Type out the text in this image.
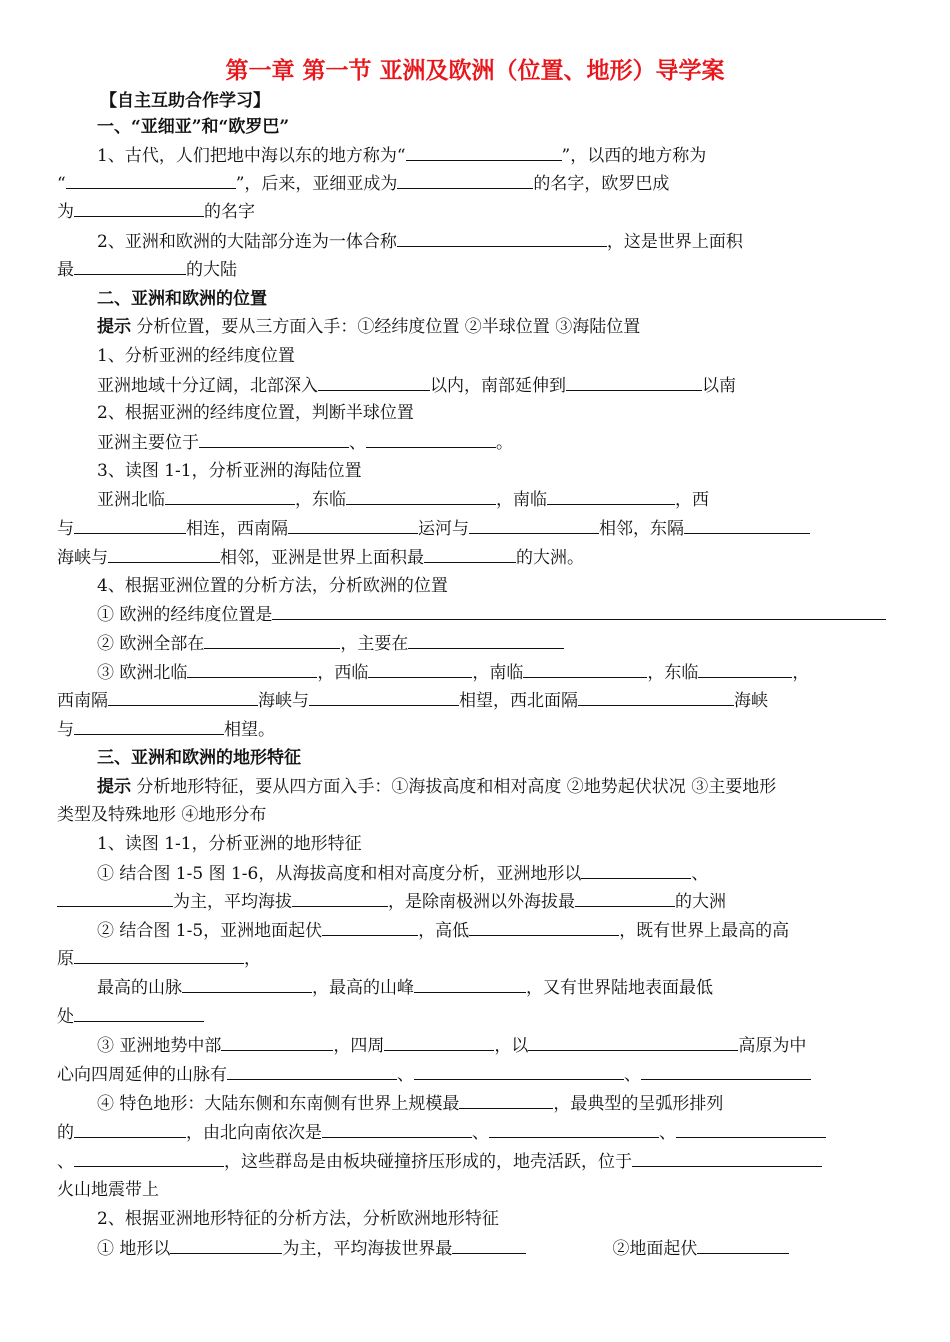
第一章 第一节 亚洲及欧洲（位置、地形）导学案
【自主互助合作学习】
一、“亚细亚”和“欧罗巴”
1、古代，人们把地中海以东的地方称为“	”，以西的地方称为
“	”，后来，亚细亚成为	的名字，欧罗巴成
为	的名字
2、亚洲和欧洲的大陆部分连为一体合称	，这是世界上面积
最	的大陆
二、亚洲和欧洲的位置
提示 分析位置，要从三方面入手：①经纬度位置 ②半球位置 ③海陆位置
1、分析亚洲的经纬度位置
亚洲地域十分辽阔，北部深入	以内，南部延伸到	以南
2、根据亚洲的经纬度位置，判断半球位置
亚洲主要位于	、	。
3、读图 1-1，分析亚洲的海陆位置
亚洲北临	，东临	，南临	，西
与	相连，西南隔	运河与	相邻，东隔
海峡与	相邻，亚洲是世界上面积最	的大洲。
4、根据亚洲位置的分析方法，分析欧洲的位置
① 欧洲的经纬度位置是
② 欧洲全部在	，主要在
③ 欧洲北临	，西临	，南临	，东临	，
西南隔	海峡与	相望，西北面隔	海峡
与	相望。
三、亚洲和欧洲的地形特征
提示 分析地形特征，要从四方面入手：①海拔高度和相对高度 ②地势起伏状况 ③主要地形
类型及特殊地形 ④地形分布
1、读图 1-1，分析亚洲的地形特征
① 结合图 1-5 图 1-6，从海拔高度和相对高度分析，亚洲地形以	、
为主，平均海拔	，是除南极洲以外海拔最	的大洲
② 结合图 1-5，亚洲地面起伏	，高低	，既有世界上最高的高
原	，
最高的山脉	，最高的山峰	，又有世界陆地表面最低
处
③ 亚洲地势中部	，四周	，以	高原为中
心向四周延伸的山脉有	、	、
④ 特色地形：大陆东侧和东南侧有世界上规模最	，最典型的呈弧形排列
的	，由北向南依次是	、	、
、	，这些群岛是由板块碰撞挤压形成的，地壳活跃，位于
火山地震带上
2、根据亚洲地形特征的分析方法，分析欧洲地形特征
① 地形以	为主，平均海拔世界最	②地面起伏
